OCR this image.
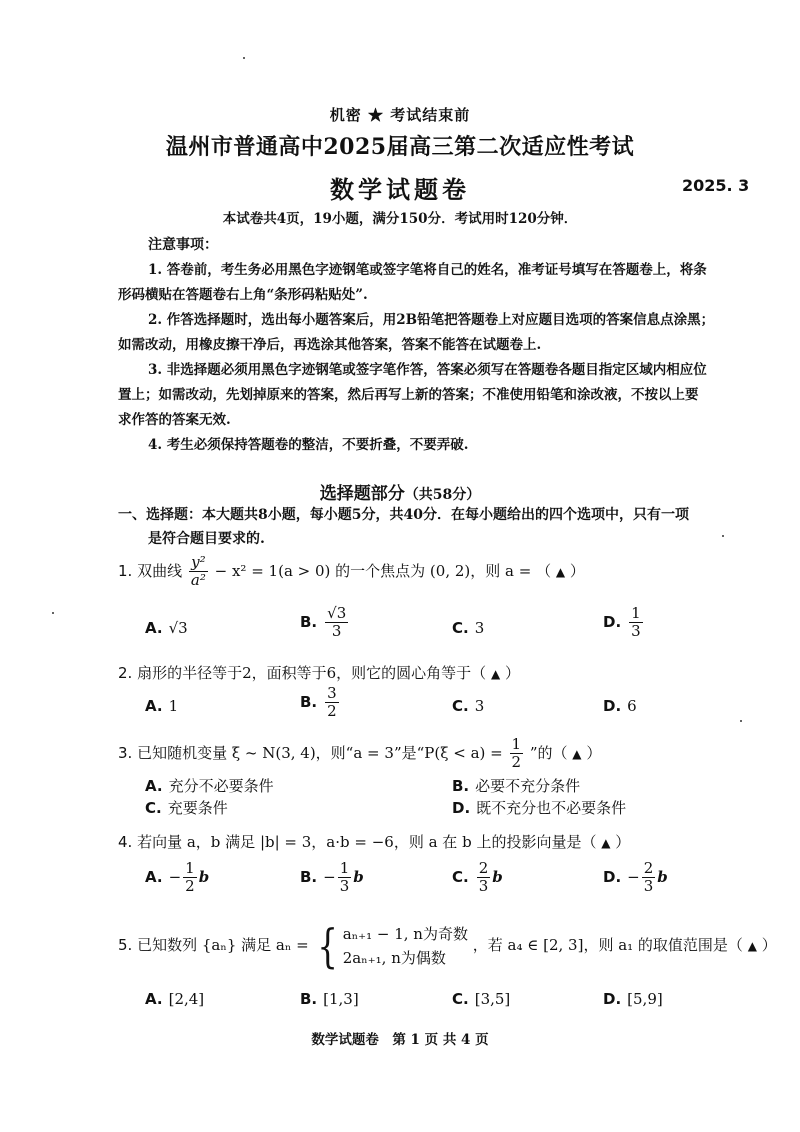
机密 ★ 考试结束前
温州市普通高中2025届高三第二次适应性考试
数学试题卷	2025. 3
本试卷共4页，19小题，满分150分．考试用时120分钟．
注意事项：
1. 答卷前，考生务必用黑色字迹钢笔或签字笔将自己的姓名，准考证号填写在答题卷上，将条
形码横贴在答题卷右上角“条形码粘贴处”.
2. 作答选择题时，选出每小题答案后，用2B铅笔把答题卷上对应题目选项的答案信息点涂黑；
如需改动，用橡皮擦干净后，再选涂其他答案，答案不能答在试题卷上.
3. 非选择题必须用黑色字迹钢笔或签字笔作答，答案必须写在答题卷各题目指定区域内相应位
置上；如需改动，先划掉原来的答案，然后再写上新的答案；不准使用铅笔和涂改液，不按以上要
求作答的答案无效.
4. 考生必须保持答题卷的整洁，不要折叠，不要弄破.
选择题部分（共58分）
一、选择题：本大题共8小题，每小题5分，共40分．在每小题给出的四个选项中，只有一项
是符合题目要求的.
1. 双曲线 $\frac{\text{y²}}{\text{a²}} - x^2 = 1(a > 0)$ 的一个焦点为 (0, 2)，则 a = （ ▲ ）
A. √3	B. $\frac{√3}{3}$	C. 3	D. $\frac{1}{3}$
2. 扇形的半径等于2，面积等于6，则它的圆心角等于（ ▲ ）
A. 1	B. $\frac{3}{2}$	C. 3	D. 6
3. 已知随机变量 ξ ~ N(3, 4)，则“a = 3”是“$P(\xi < a) = \frac{1}{2}$ ”的（ ▲ ）
A. 充分不必要条件	B. 必要不充分条件
C. 充要条件	D. 既不充分也不必要条件
4. 若向量 a，b 满足 |b| = 3，a·b = −6，则 a 在 b 上的投影向量是（ ▲ ）
A. − $\frac{1}{2}$ b	B. − $\frac{1}{3}$ b	C. $\frac{2}{3}$ b	D. − $\frac{2}{3}$ b
5. 已知数列 {aₙ} 满足 aₙ = { aₙ₊₁ − 1, n为奇数
2aₙ₊₁, n为偶数
，若 a₄ ∈ [2, 3]，则 a₁ 的取值范围是（ ▲ ）
A. [2,4]	B. [1,3]	C. [3,5]	D. [5,9]
数学试题卷　第 1 页 共 4 页
